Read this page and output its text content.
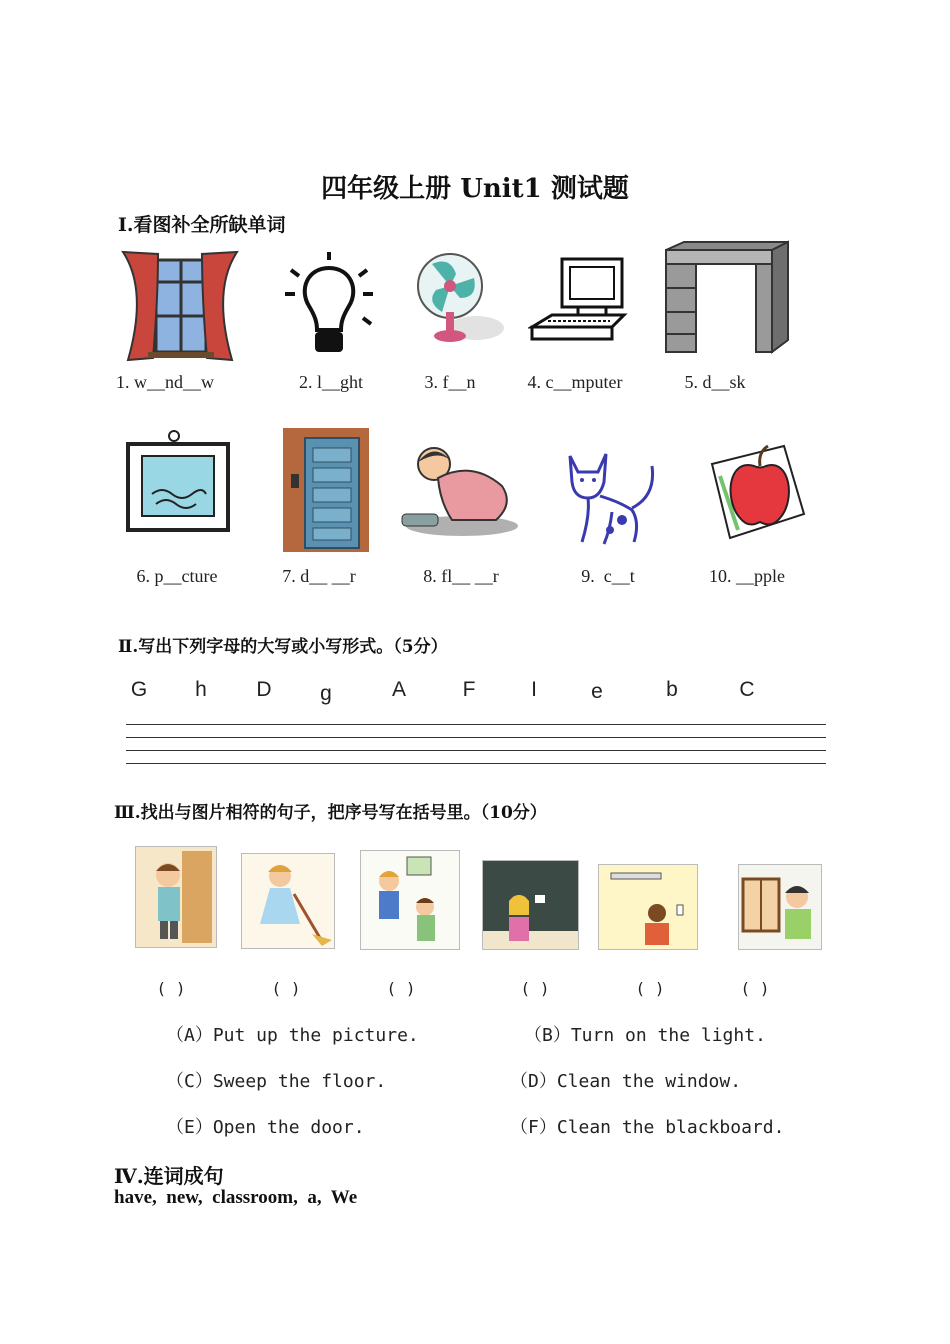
四年级上册 Unit1 测试题
Ⅰ.看图补全所缺单词
1. w__nd__w	2. l__ght	3. f__n	4. c__mputer	5. d__sk
6. p__cture	7. d__ __r	8. fl__ __r	9.  c__t	10. __pple
Ⅱ.写出下列字母的大写或小写形式。（5分）
G	h	D	g	A	F	I	e	b	C
Ⅲ.找出与图片相符的句子，把序号写在括号里。（10分）
( )	( )	( )	( )	( )	( )
（A）Put up the picture.	（B）Turn on the light.
（C）Sweep the floor.	（D）Clean the window.
（E）Open the door.	（F）Clean the blackboard.
Ⅳ.连词成句
have,  new,  classroom,  a,  We
